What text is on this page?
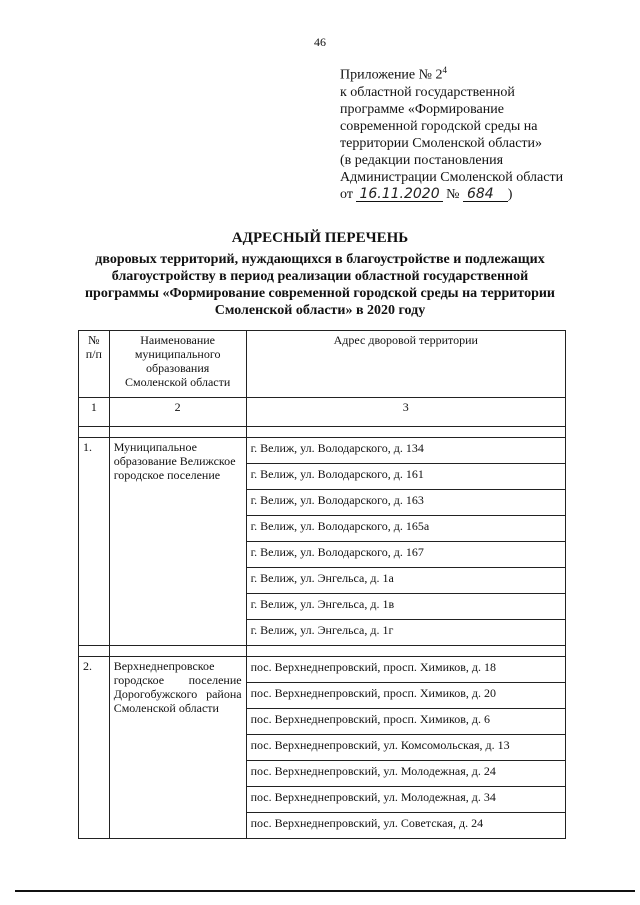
46
Приложение № $2^4$
к областной государственной
программе «Формирование
современной городской среды на
территории Смоленской области»
(в редакции постановления
Администрации Смоленской области
от 16.11.2020 № 684 )
АДРЕСНЫЙ ПЕРЕЧЕНЬ
дворовых территорий, нуждающихся в благоустройстве и подлежащих благоустройству в период реализации областной государственной программы «Формирование современной городской среды на территории Смоленской области» в 2020 году
№ п/п	Наименование муниципального образования Смоленской области	Адрес дворовой территории
1	2	3

1.	Муниципальное образование Велижское городское поселение	г. Велиж, ул. Володарского, д. 134
		г. Велиж, ул. Володарского, д. 161
		г. Велиж, ул. Володарского, д. 163
		г. Велиж, ул. Володарского, д. 165а
		г. Велиж, ул. Володарского, д. 167
		г. Велиж, ул. Энгельса, д. 1а
		г. Велиж, ул. Энгельса, д. 1в
		г. Велиж, ул. Энгельса, д. 1г

2.	Верхнеднепровское городское поселение Дорогобужского района Смоленской области	пос. Верхнеднепровский, просп. Химиков, д. 18
		пос. Верхнеднепровский, просп. Химиков, д. 20
		пос. Верхнеднепровский, просп. Химиков, д. 6
		пос. Верхнеднепровский, ул. Комсомольская, д. 13
		пос. Верхнеднепровский, ул. Молодежная, д. 24
		пос. Верхнеднепровский, ул. Молодежная, д. 34
		пос. Верхнеднепровский, ул. Советская, д. 24
